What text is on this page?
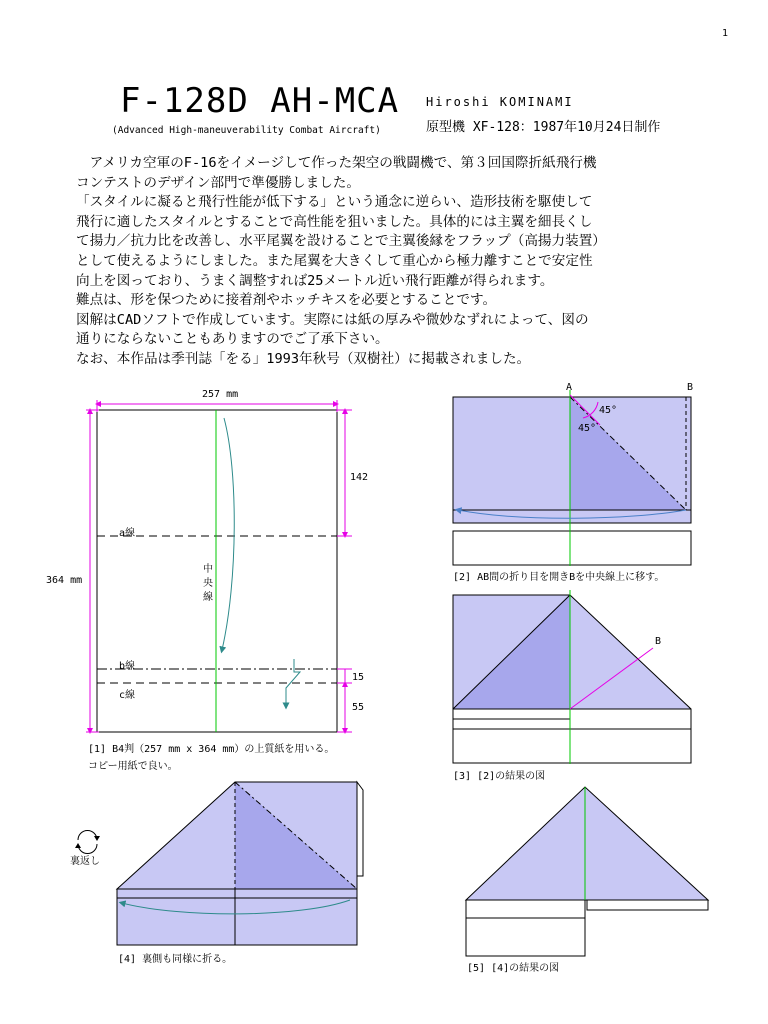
1
F-128D AH-MCA
(Advanced High-maneuverability Combat Aircraft)
Hiroshi KOMINAMI
原型機 XF-128：1987年10月24日制作

アメリカ空軍のF-16をイメージして作った架空の戦闘機で、第３回国際折紙飛行機

コンテストのデザイン部門で準優勝しました。

「スタイルに凝ると飛行性能が低下する」という通念に逆らい、造形技術を駆使して

飛行に適したスタイルとすることで高性能を狙いました。具体的には主翼を細長くし

て揚力／抗力比を改善し、水平尾翼を設けることで主翼後縁をフラップ（高揚力装置）

として使えるようにしました。また尾翼を大きくして重心から極力離すことで安定性

向上を図っており、うまく調整すれば25メートル近い飛行距離が得られます。

難点は、形を保つために接着剤やホッチキスを必要とすることです。

図解はCADソフトで作成しています。実際には紙の厚みや微妙なずれによって、図の

通りにならないこともありますのでご了承下さい。

なお、本作品は季刊誌「をる」1993年秋号（双樹社）に掲載されました。

257 mm
364 mm
142
15
55
a線
b線
c線
中央線
[1] B4判（257 mm x 364 mm）の上質紙を用いる。
コピー用紙で良い。
A	B
45°
45°
[2] AB間の折り目を開きBを中央線上に移す。
B
[3] [2]の結果の図
裏返し
[4] 裏側も同様に折る。
[5] [4]の結果の図
